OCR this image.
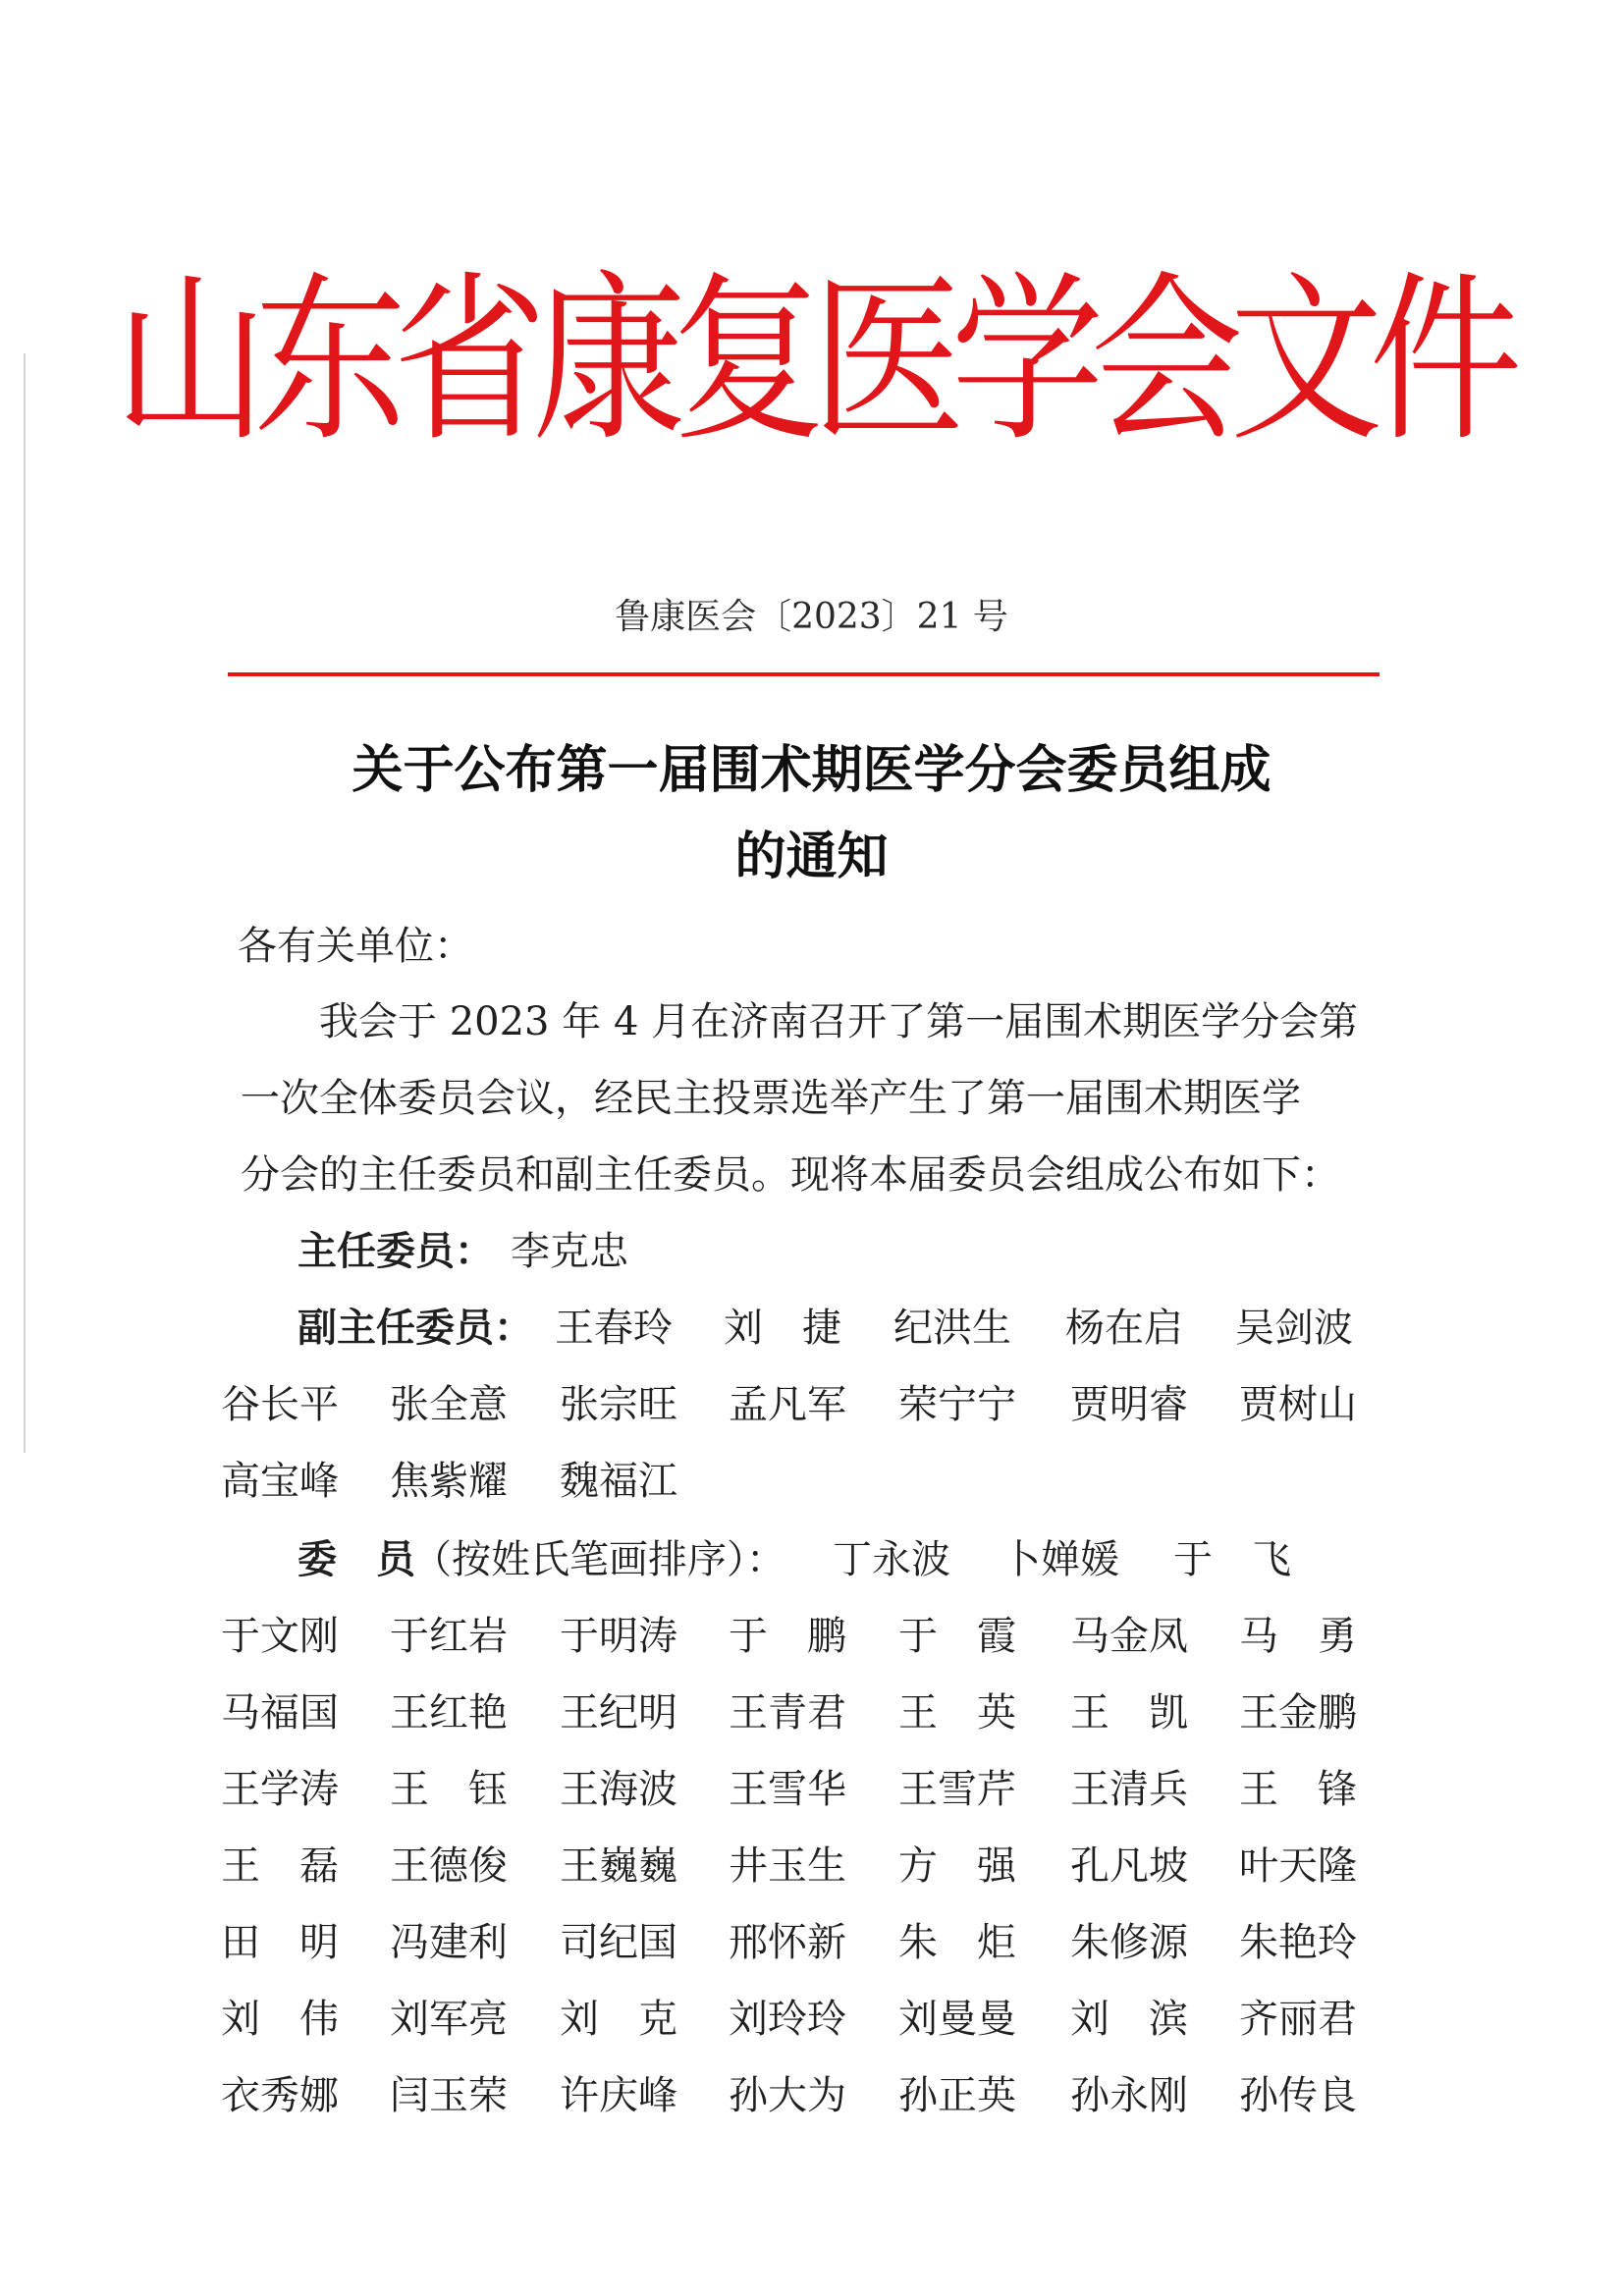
山东省康复医学会文件
鲁康医会〔2023〕21 号
关于公布第一届围术期医学分会委员组成
的通知
各有关单位：
我会于 2023 年 4 月在济南召开了第一届围术期医学分会第
一次全体委员会议，经民主投票选举产生了第一届围术期医学
分会的主任委员和副主任委员。现将本届委员会组成公布如下：
主任委员： 李克忠
副主任委员： 王春玲 刘　捷 纪洪生 杨在启 吴剑波
谷长平 张全意 张宗旺 孟凡军 荣宁宁 贾明睿 贾树山
高宝峰 焦紫耀 魏福江
委　员
（按姓氏笔画排序）： 丁永波 卜婵媛 于　飞
于文刚 于红岩 于明涛 于　鹏 于　霞 马金凤 马　勇
马福国 王红艳 王纪明 王青君 王　英 王　凯 王金鹏
王学涛 王　钰 王海波 王雪华 王雪芹 王清兵 王　锋
王　磊 王德俊 王巍巍 井玉生 方　强 孔凡坡 叶天隆
田　明 冯建利 司纪国 邢怀新 朱　炬 朱修源 朱艳玲
刘　伟 刘军亮 刘　克 刘玲玲 刘曼曼 刘　滨 齐丽君
衣秀娜 闫玉荣 许庆峰 孙大为 孙正英 孙永刚 孙传良
